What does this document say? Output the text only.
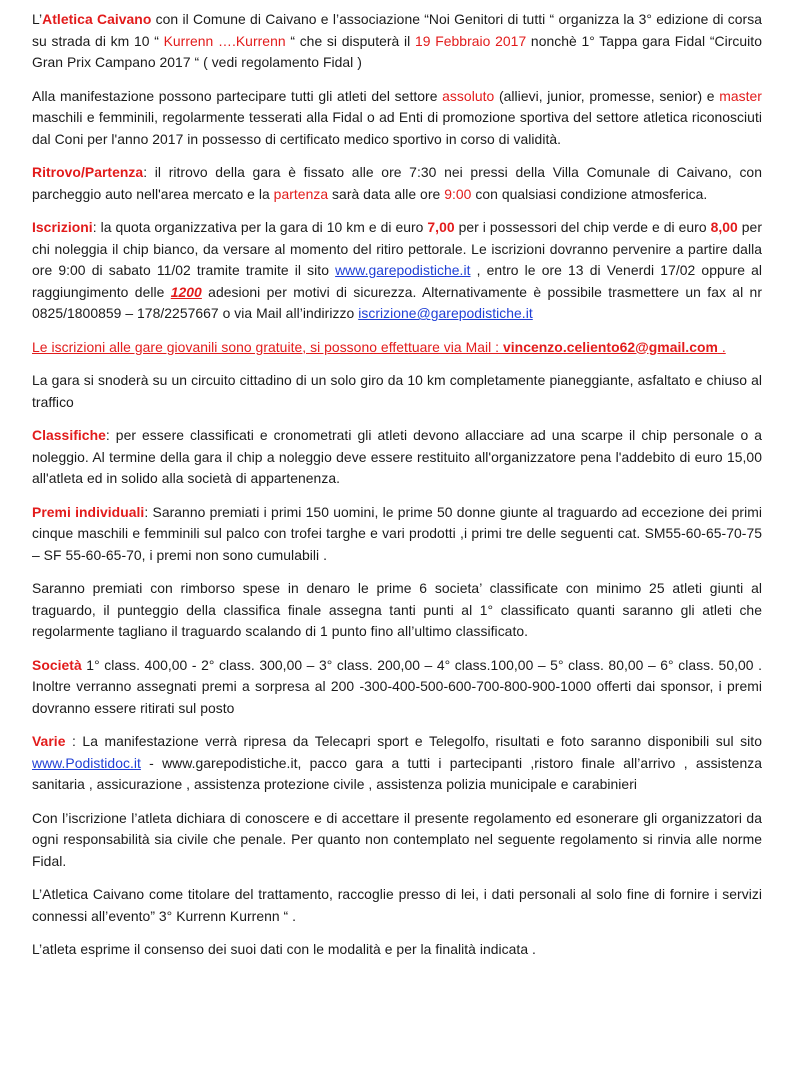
L’Atletica Caivano con il Comune di Caivano e l’associazione “Noi Genitori di tutti “ organizza la 3° edizione di corsa su strada di km 10 “ Kurrenn ….Kurrenn “ che si disputerà il 19 Febbraio 2017 nonchè 1° Tappa gara Fidal “Circuito Gran Prix Campano 2017 “ ( vedi regolamento Fidal )

Alla manifestazione possono partecipare tutti gli atleti del settore assoluto (allievi, junior, promesse, senior) e master maschili e femminili, regolarmente tesserati alla Fidal o ad Enti di promozione sportiva del settore atletica riconosciuti dal Coni per l'anno 2017 in possesso di certificato medico sportivo in corso di validità.

Ritrovo/Partenza: il ritrovo della gara è fissato alle ore 7:30 nei pressi della Villa Comunale di Caivano, con parcheggio auto nell'area mercato e la partenza sarà data alle ore 9:00 con qualsiasi condizione atmosferica.

Iscrizioni: la quota organizzativa per la gara di 10 km e di euro 7,00 per i possessori del chip verde e di euro 8,00 per chi noleggia il chip bianco, da versare al momento del ritiro pettorale. Le iscrizioni dovranno pervenire a partire dalla ore 9:00 di sabato 11/02 tramite tramite il sito www.garepodistiche.it , entro le ore 13 di Venerdi 17/02 oppure al raggiungimento delle 1200 adesioni per motivi di sicurezza. Alternativamente è possibile trasmettere un fax al nr 0825/1800859 – 178/2257667 o via Mail all’indirizzo iscrizione@garepodistiche.it

Le iscrizioni alle gare giovanili sono gratuite, si possono effettuare via Mail : vincenzo.celiento62@gmail.com .

La gara si snoderà su un circuito cittadino di un solo giro da 10 km completamente pianeggiante, asfaltato e chiuso al traffico

Classifiche: per essere classificati e cronometrati gli atleti devono allacciare ad una scarpe il chip personale o a noleggio. Al termine della gara il chip a noleggio deve essere restituito all'organizzatore pena l'addebito di euro 15,00 all'atleta ed in solido alla società di appartenenza.

Premi individuali: Saranno premiati i primi 150 uomini, le prime 50 donne giunte al traguardo ad eccezione dei primi cinque maschili e femminili sul palco con trofei targhe e vari prodotti ,i primi tre delle seguenti cat. SM55-60-65-70-75 – SF 55-60-65-70, i premi non sono cumulabili .

Saranno premiati con rimborso spese in denaro le prime 6 societa’ classificate con minimo 25 atleti giunti al traguardo, il punteggio della classifica finale assegna tanti punti al 1° classificato quanti saranno gli atleti che regolarmente tagliano il traguardo scalando di 1 punto fino all’ultimo classificato.

Società 1° class. 400,00 - 2° class. 300,00 – 3° class. 200,00 – 4° class.100,00 – 5° class. 80,00 – 6° class. 50,00 . Inoltre verranno assegnati premi a sorpresa al 200 -300-400-500-600-700-800-900-1000 offerti dai sponsor, i premi dovranno essere ritirati sul posto

Varie : La manifestazione verrà ripresa da Telecapri sport e Telegolfo, risultati e foto saranno disponibili sul sito www.Podistidoc.it - www.garepodistiche.it, pacco gara a tutti i partecipanti ,ristoro finale all’arrivo , assistenza sanitaria , assicurazione , assistenza protezione civile , assistenza polizia municipale e carabinieri

Con l’iscrizione l’atleta dichiara di conoscere e di accettare il presente regolamento ed esonerare gli organizzatori da ogni responsabilità sia civile che penale. Per quanto non contemplato nel seguente regolamento si rinvia alle norme Fidal.

L’Atletica Caivano come titolare del trattamento, raccoglie presso di lei, i dati personali al solo fine di fornire i servizi connessi all’evento” 3° Kurrenn Kurrenn “ .

L’atleta esprime il consenso dei suoi dati con le modalità e per la finalità indicata .
